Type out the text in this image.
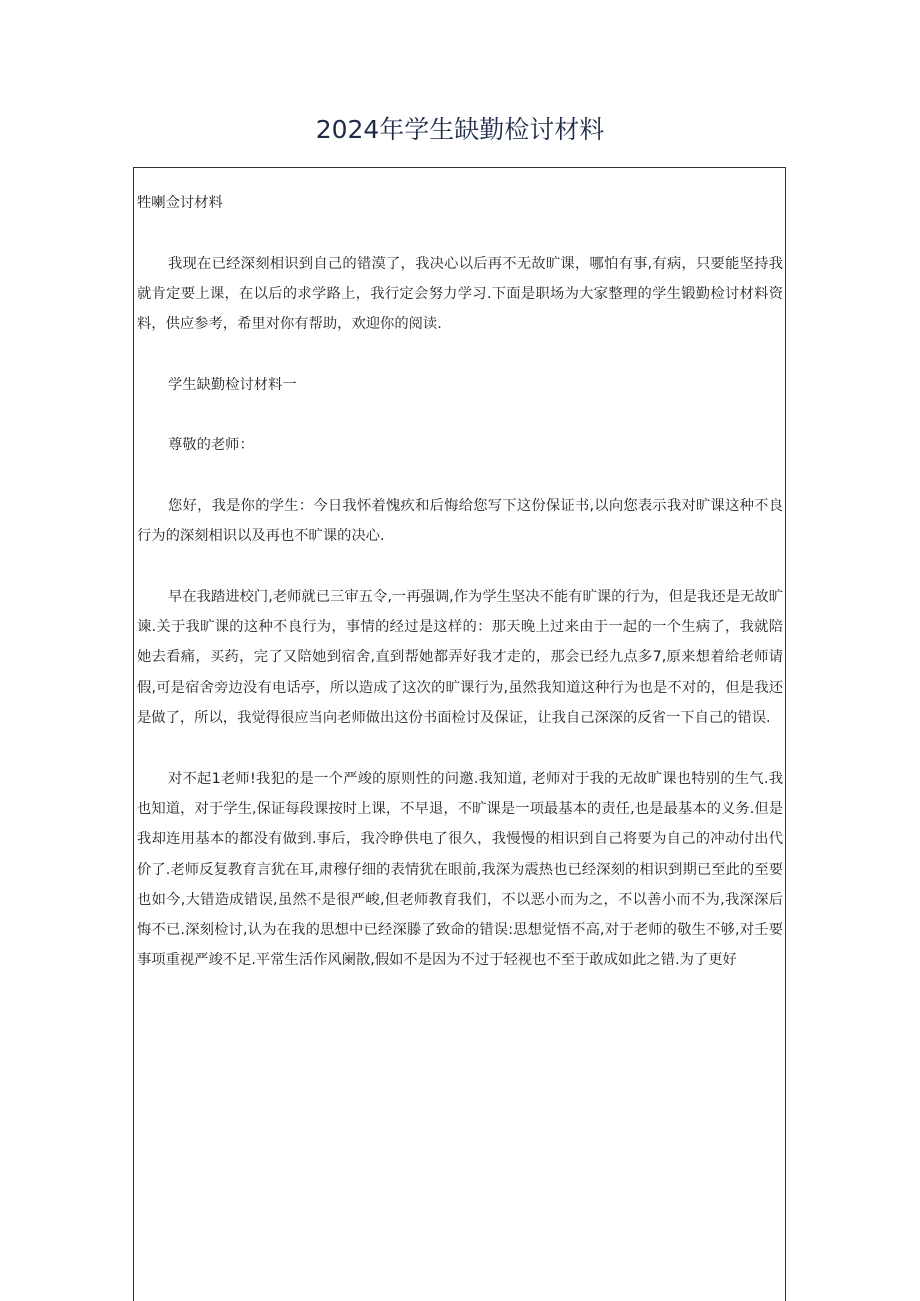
2024年学生缺勤检讨材料

牲喇佥讨材料

我现在已经深刻相识到自己的错漠了，我决心以后再不无故旷课，哪怕有事,有病，只要能坚持我就肯定要上课，在以后的求学路上，我行定会努力学习.下面是职场为大家整理的学生锻勤检讨材料资料，供应参考，希里对你有帮助，欢迎你的阅读.

学生缺勤检讨材料一

尊敬的老师：

您好，我是你的学生：今日我怀着愧疚和后悔给您写下这份保证书,以向您表示我对旷课这种不良行为的深刻相识以及再也不旷课的决心.

早在我踏进校门,老师就已三审五令,一再强调,作为学生坚决不能有旷课的行为，但是我还是无故旷谏.关于我旷课的这种不良行为，事情的经过是这样的：那天晚上过来由于一起的一个生病了，我就陪她去看痛，买药，完了又陪她到宿舍,直到帮她都弄好我才走的，那会已经九点多7,原来想着给老师请假,可是宿舍旁边没有电话亭，所以造成了这次的旷课行为,虽然我知道这种行为也是不对的，但是我还是做了，所以，我觉得很应当向老师做出这份书面检讨及保证，让我自己深深的反省一下自己的错误.

对不起1老师!我犯的是一个严竣的原则性的问邀.我知道, 老师对于我的无故旷课也特别的生气.我也知道，对于学生,保证每段课按时上课，不早退，不旷课是一项最基本的责任,也是最基本的义务.但是我却连用基本的都没有做到.事后，我冷睁供电了很久，我慢慢的相识到自己将要为自己的冲动付出代价了.老师反复教育言犹在耳,肃穆仔细的表情犹在眼前,我深为震热也已经深刻的相识到期已至此的至要也如今,大错造成错误,虽然不是很严峻,但老师教育我们，不以恶小而为之，不以善小而不为,我深深后悔不已.深刻检讨,认为在我的思想中已经深滕了致命的错误:思想觉悟不高,对于老师的敬生不够,对壬要事项重视严竣不足.平常生活作风阑散,假如不是因为不过于轻视也不至于敢成如此之错.为了更好
